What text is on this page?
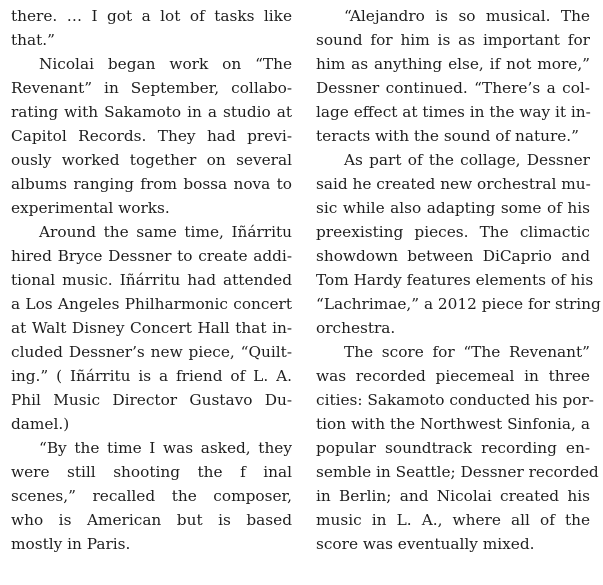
there. … I got a lot of tasks like
that.”
Nicolai began work on “The
Revenant” in September, collabo-
rating with Sakamoto in a studio at
Capitol Records. They had previ-
ously worked together on several
albums ranging from bossa nova to
experimental works.
Around the same time, Iñárritu
hired Bryce Dessner to create addi-
tional music. Iñárritu had attended
a Los Angeles Philharmonic concert
at Walt Disney Concert Hall that in-
cluded Dessner’s new piece, “Quilt-
ing.” ( Iñárritu is a friend of L. A.
Phil Music Director Gustavo Du-
damel.)
“By the time I was asked, they
were still shooting the f inal
scenes,” recalled the composer,
who is American but is based
mostly in Paris.
“Alejandro is so musical. The
sound for him is as important for
him as anything else, if not more,”
Dessner continued. “There’s a col-
lage effect at times in the way it in-
teracts with the sound of nature.”
As part of the collage, Dessner
said he created new orchestral mu-
sic while also adapting some of his
preexisting pieces. The climactic
showdown between DiCaprio and
Tom Hardy features elements of his
“Lachrimae,” a 2012 piece for string
orchestra.
The score for “The Revenant”
was recorded piecemeal in three
cities: Sakamoto conducted his por-
tion with the Northwest Sinfonia, a
popular soundtrack recording en-
semble in Seattle; Dessner recorded
in Berlin; and Nicolai created his
music in L. A., where all of the
score was eventually mixed.
